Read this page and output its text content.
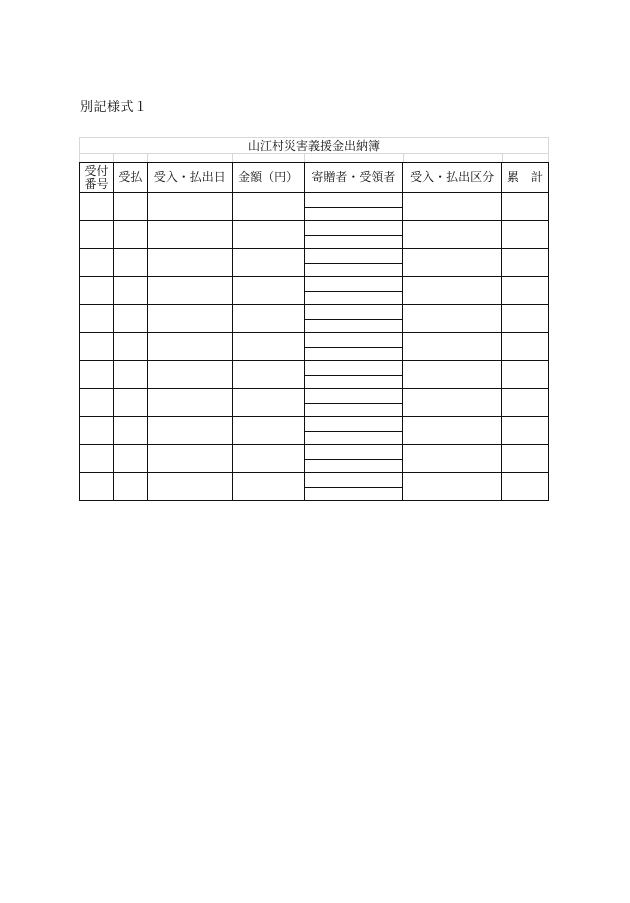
別記様式１
山江村災害義援金出納簿
受付
番号	受払	受入・払出日	金額（円）	寄贈者・受領者	受入・払出区分	累　計
